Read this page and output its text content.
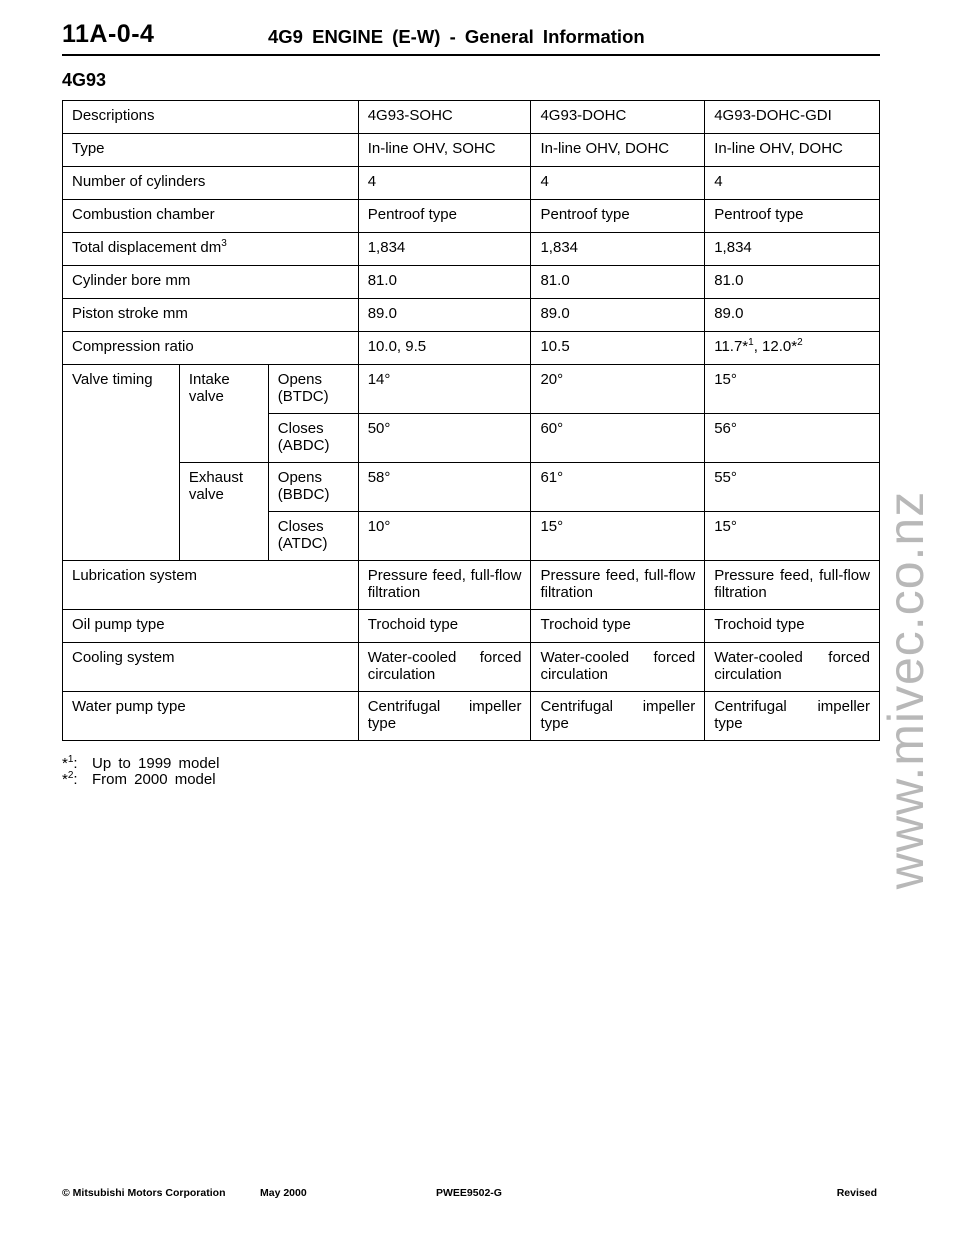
11A-0-4	4G9 ENGINE (E-W) - General Information
4G93
Descriptions			4G93-SOHC	4G93-DOHC	4G93-DOHC-GDI
Type			In-line OHV, SOHC	In-line OHV, DOHC	In-line OHV, DOHC
Number of cylinders			4	4	4
Combustion chamber			Pentroof type	Pentroof type	Pentroof type
Total displacement $dm^3$			1,834	1,834	1,834
Cylinder bore mm			81.0	81.0	81.0
Piston stroke mm			89.0	89.0	89.0
Compression ratio			10.0, 9.5	10.5	11.7*$^1$, 12.0*$^2$
Valve timing	Intake valve	Opens (BTDC)	14°	20°	15°
		Closes (ABDC)	50°	60°	56°
	Exhaust valve	Opens (BBDC)	58°	61°	55°
		Closes (ATDC)	10°	15°	15°
Lubrication system			Pressure feed, full-flow filtration	Pressure feed, full-flow filtration	Pressure feed, full-flow filtration
Oil pump type			Trochoid type	Trochoid type	Trochoid type
Cooling system			Water-cooled forced circulation	Water-cooled forced circulation	Water-cooled forced circulation
Water pump type			Centrifugal impeller type	Centrifugal impeller type	Centrifugal impeller type
*$^1$: Up to 1999 model
*$^2$: From 2000 model	www.mivec.co.nz
© Mitsubishi Motors Corporation	May 2000	PWEE9502-G	Revised
